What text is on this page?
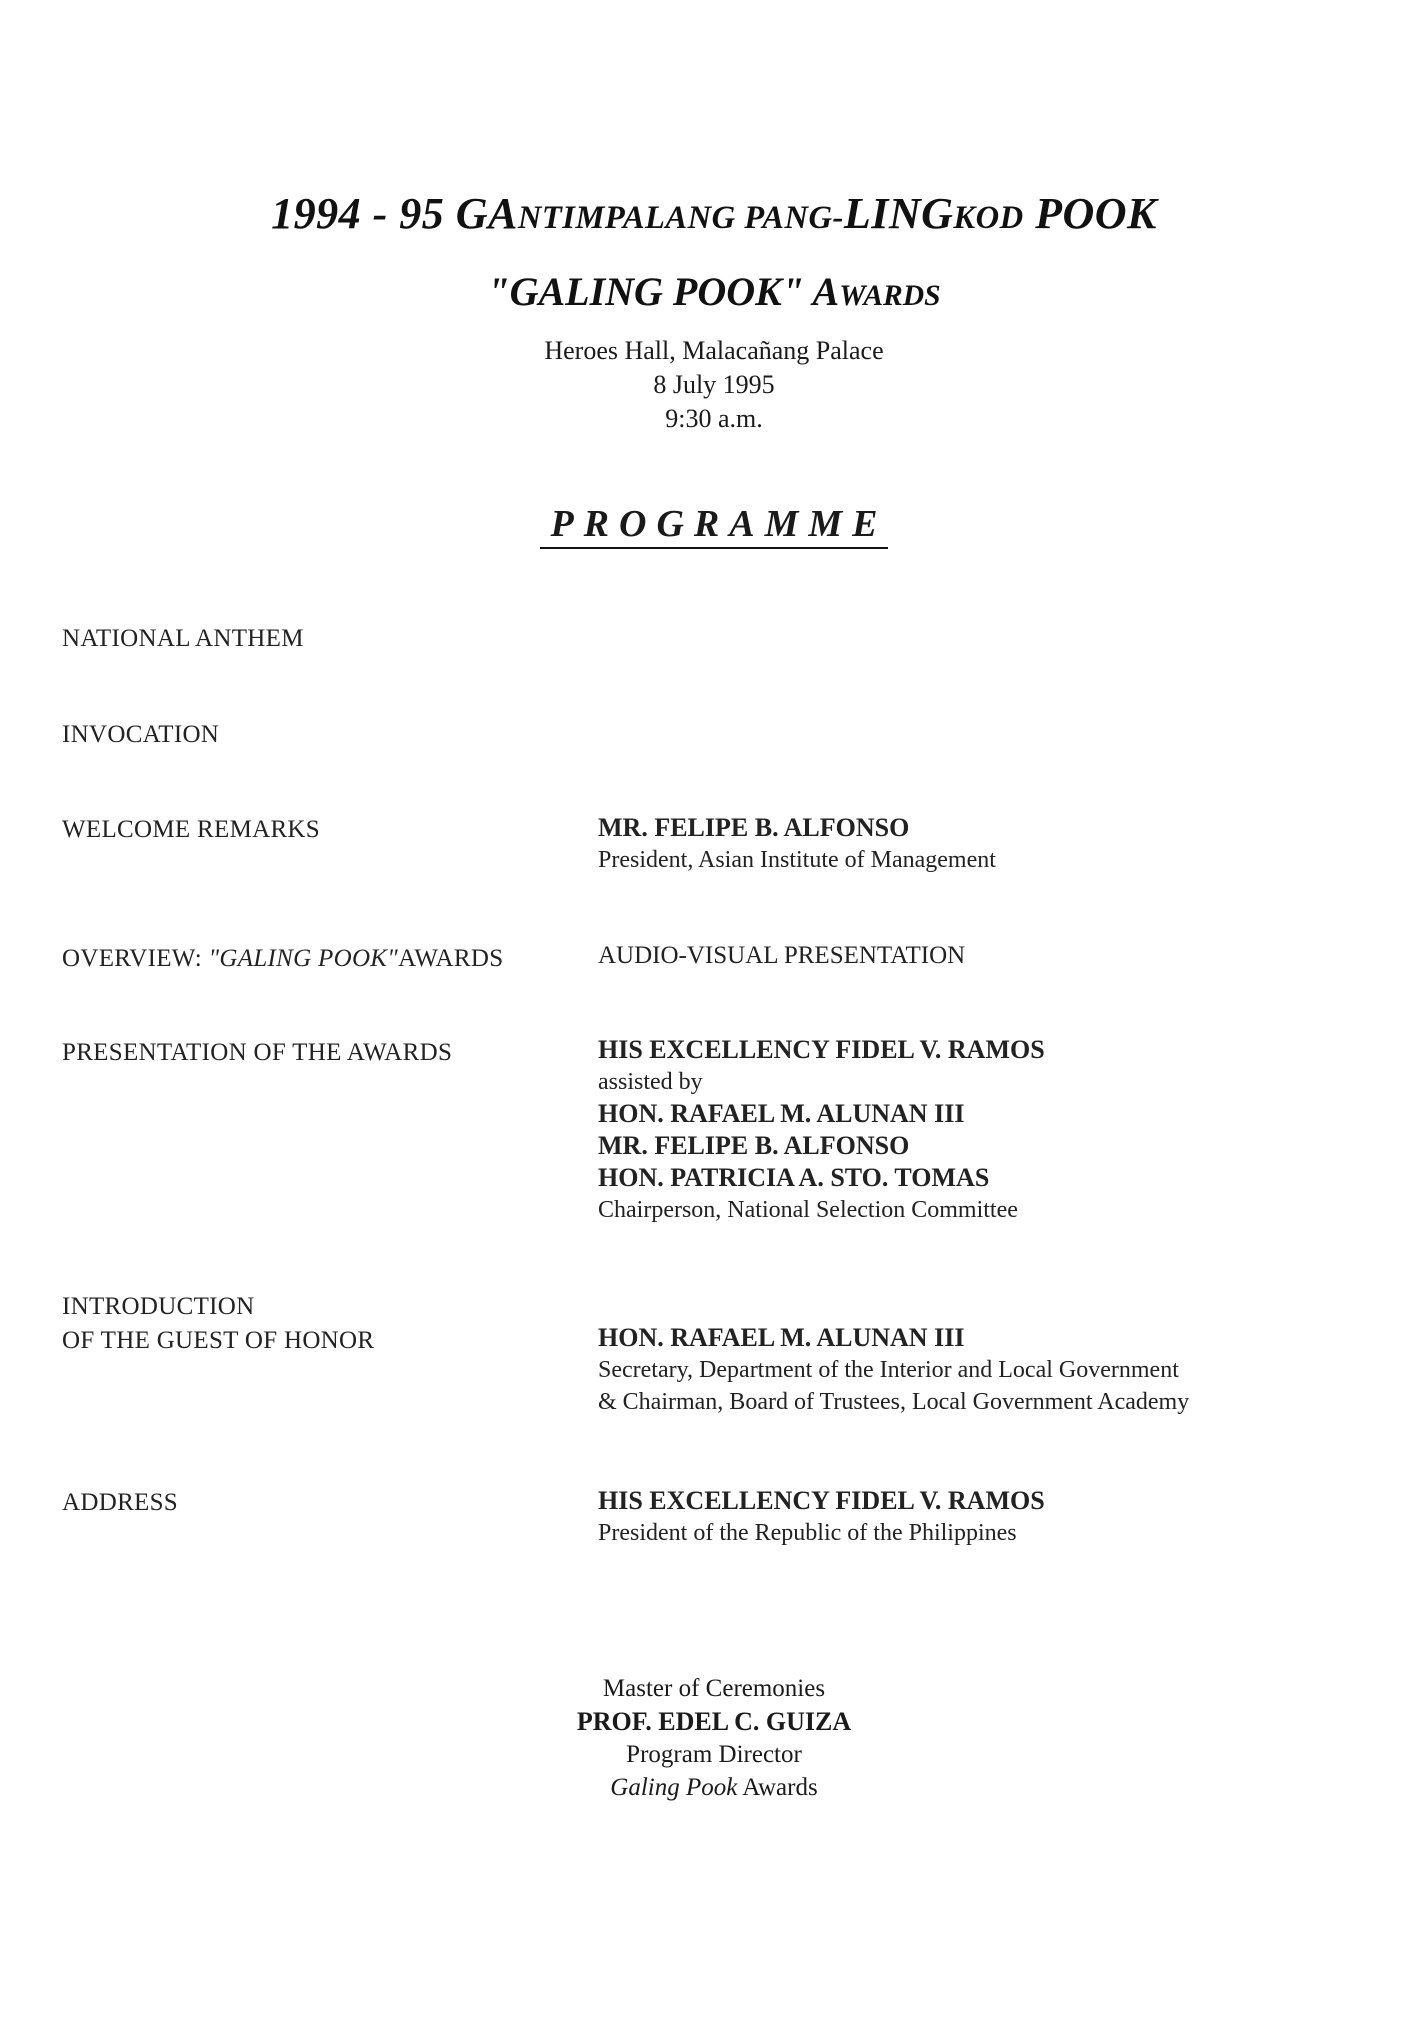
1994 - 95 GANTIMPALANG PANG-LINGKOD POOK
"GALING POOK" AWARDS
Heroes Hall, Malacañang Palace
8 July 1995
9:30 a.m.
PROGRAMME
NATIONAL ANTHEM
INVOCATION
WELCOME REMARKS	MR. FELIPE B. ALFONSO
President, Asian Institute of Management
OVERVIEW: "GALING POOK"AWARDS	AUDIO-VISUAL PRESENTATION
PRESENTATION OF THE AWARDS	HIS EXCELLENCY FIDEL V. RAMOS
assisted by
HON. RAFAEL M. ALUNAN III
MR. FELIPE B. ALFONSO
HON. PATRICIA A. STO. TOMAS
Chairperson, National Selection Committee
INTRODUCTION
OF THE GUEST OF HONOR	HON. RAFAEL M. ALUNAN III
Secretary, Department of the Interior and Local Government
& Chairman, Board of Trustees, Local Government Academy
ADDRESS	HIS EXCELLENCY FIDEL V. RAMOS
President of the Republic of the Philippines
Master of Ceremonies
PROF. EDEL C. GUIZA
Program Director
Galing Pook Awards
